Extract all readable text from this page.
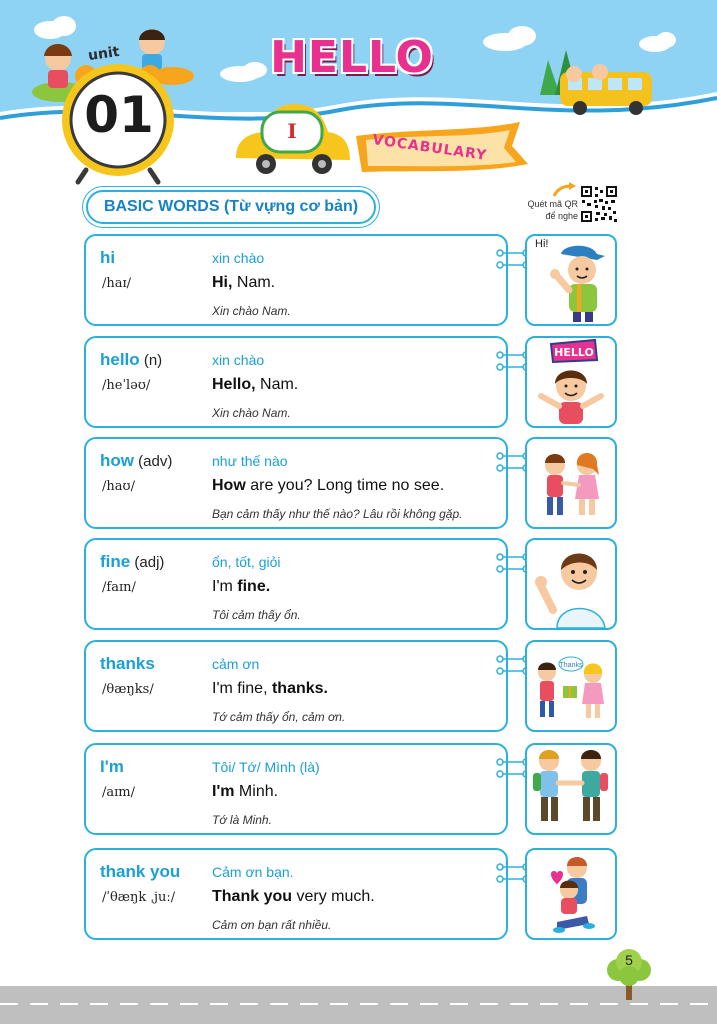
unit
01
HELLO
I
VOCABULARY
BASIC WORDS (Từ vựng cơ bản)	Quét mã QR
để nghe
hi
/haɪ/
xin chào
Hi, Nam.
Xin chào Nam.
hello (n)
/heˈləʊ/
xin chào
Hello, Nam.
Xin chào Nam.
how (adv)
/haʊ/
như thế nào
How are you? Long time no see.
Bạn cảm thấy như thế nào? Lâu rồi không gặp.
fine (adj)
/faɪn/
ổn, tốt, giỏi
I'm fine.
Tôi cảm thấy ổn.
thanks
/θæŋks/
cảm ơn
I'm fine, thanks.
Tớ cảm thấy ổn, cảm ơn.
I'm
/aɪm/
Tôi/ Tớ/ Mình (là)
I'm Minh.
Tớ là Minh.
thank you
/ˈθæŋk ˌjuː/
Cảm ơn bạn.
Thank you very much.
Cảm ơn bạn rất nhiều.
Hi!
HELLO
Thanks
5
